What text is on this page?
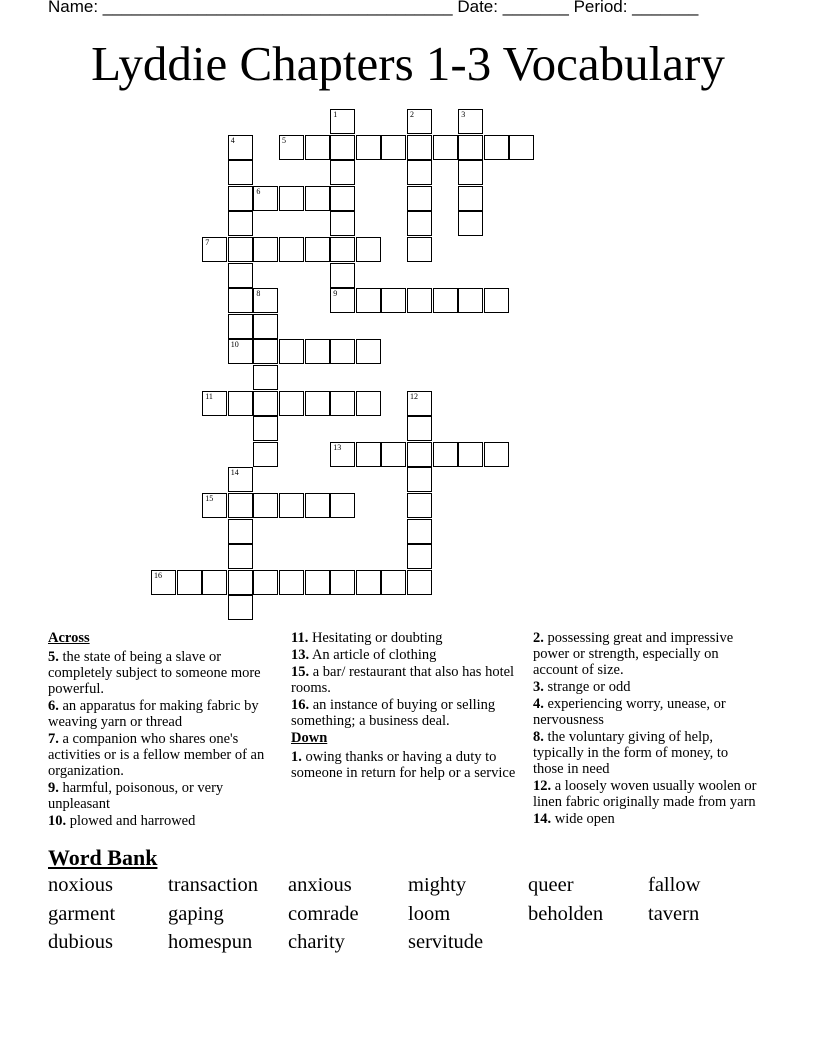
Name: _____________________________________ Date: _______ Period: _______
Lyddie Chapters 1-3 Vocabulary
1
9
2	3
4	5
6
7
8
10
11	12
13
14
15
16
Across
5. the state of being a slave or completely subject to someone more powerful.
6. an apparatus for making fabric by weaving yarn or thread
7. a companion who shares one's activities or is a fellow member of an organization.
9. harmful, poisonous, or very unpleasant
10. plowed and harrowed
11. Hesitating or doubting
13. An article of clothing
15. a bar/ restaurant that also has hotel rooms.
16. an instance of buying or selling something; a business deal.
Down
1. owing thanks or having a duty to someone in return for help or a service
2. possessing great and impressive power or strength, especially on account of size.
3. strange or odd
4. experiencing worry, unease, or nervousness
8. the voluntary giving of help, typically in the form of money, to those in need
12. a loosely woven usually woolen or linen fabric originally made from yarn
14. wide open
Word Bank
noxious	transaction anxious	mighty	queer	fallow
garment	gaping	comrade loom	beholden tavern
dubious	homespun charity	servitude
